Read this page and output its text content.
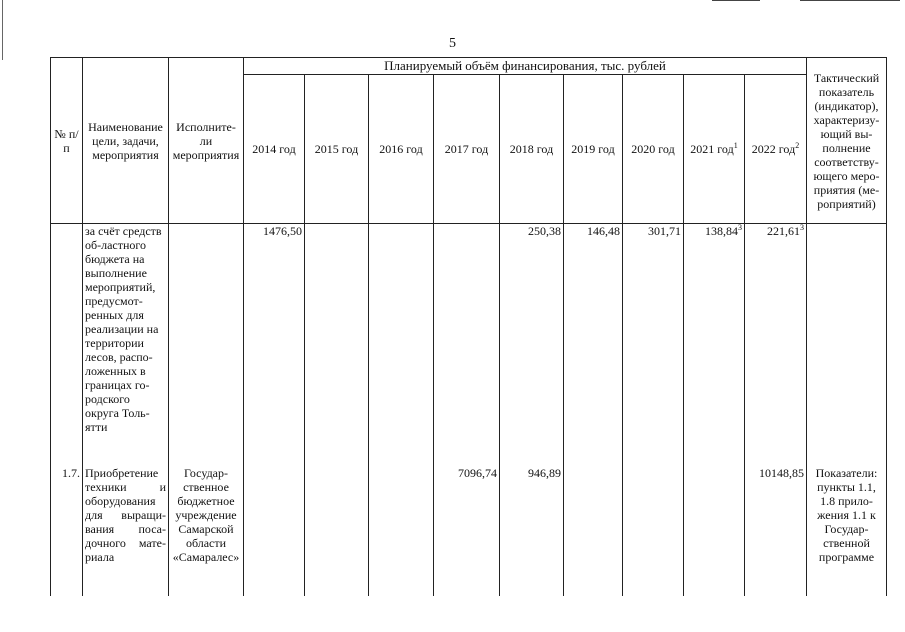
5
№ п/п	Наименование цели, задачи, мероприятия	Исполните-ли мероприятия	Планируемый объём финансирования, тыс. рублей									Тактический показатель (индикатор), характеризу-ющий вы-полнение соответству-ющего меро-приятия (ме-роприятий)
			2014 год	2015 год	2016 год	2017 год	2018 год	2019 год	2020 год	2021 год$^1$	2022 год$^2$
	за счёт средств об-ластного бюджета на выполнение мероприятий, предусмот-ренных для реализации на территории лесов, распо-ложенных в границах го-родского округа Толь-ятти		1476,50				250,38	146,48	301,71	138,84$^3$	221,61$^3$	
1.7.	Приобретение техники и оборудования для выращи-вания поса-дочного мате-риала	Государ-ственное бюджетное учреждение Самарской области «Самаралес»				7096,74	946,89				10148,85	Показатели: пункты 1.1, 1.8 прило-жения 1.1 к Государ-ственной программе
